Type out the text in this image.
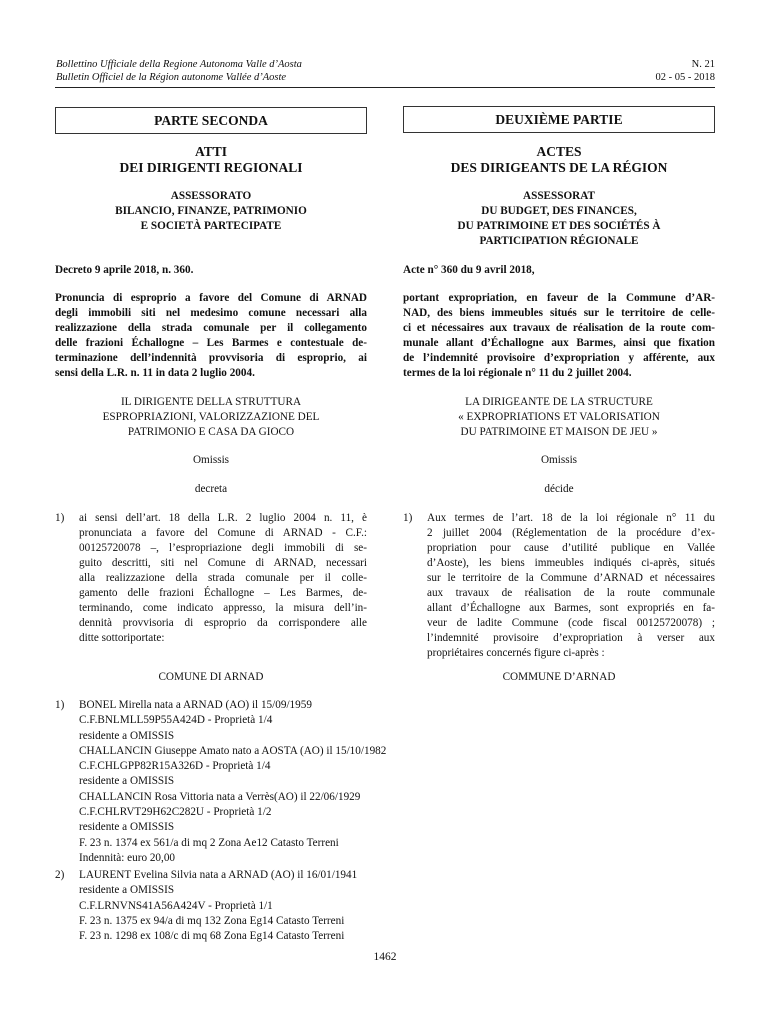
Bollettino Ufficiale della Regione Autonoma Valle d’Aosta
Bulletin Officiel de la Région autonome Vallée d’Aoste
N. 21
02 - 05 - 2018
PARTE SECONDA
ATTI
DEI DIRIGENTI REGIONALI
ASSESSORATO
BILANCIO, FINANZE, PATRIMONIO
E SOCIETÀ PARTECIPATE
Decreto 9 aprile 2018, n. 360.
Pronuncia di esproprio a favore del Comune di ARNAD
degli immobili siti nel medesimo comune necessari alla
realizzazione della strada comunale per il collegamento
delle frazioni Échallogne – Les Barmes e contestuale de-
terminazione dell’indennità provvisoria di esproprio, ai
sensi della L.R. n. 11 in data 2 luglio 2004.
IL DIRIGENTE DELLA STRUTTURA
ESPROPRIAZIONI, VALORIZZAZIONE DEL
PATRIMONIO E CASA DA GIOCO
Omissis
decreta
1) ai sensi dell’art. 18 della L.R. 2 luglio 2004 n. 11, è
pronunciata a favore del Comune di ARNAD - C.F.:
00125720078 –, l’espropriazione degli immobili di se-
guito descritti, siti nel Comune di ARNAD, necessari
alla realizzazione della strada comunale per il colle-
gamento delle frazioni Échallogne – Les Barmes, de-
terminando, come indicato appresso, la misura dell’in-
dennità provvisoria di esproprio da corrispondere alle
ditte sottoriportate:
COMUNE DI ARNAD
DEUXIÈME PARTIE
ACTES
DES DIRIGEANTS DE LA RÉGION
ASSESSORAT
DU BUDGET, DES FINANCES,
DU PATRIMOINE ET DES SOCIÉTÉS À
PARTICIPATION RÉGIONALE
Acte n° 360 du 9 avril 2018,
portant expropriation, en faveur de la Commune d’AR-
NAD, des biens immeubles situés sur le territoire de celle-
ci et nécessaires aux travaux de réalisation de la route com-
munale allant d’Échallogne aux Barmes, ainsi que fixation
de l’indemnité provisoire d’expropriation y afférente, aux
termes de la loi régionale n° 11 du 2 juillet 2004.
LA DIRIGEANTE DE LA STRUCTURE
« EXPROPRIATIONS ET VALORISATION
DU PATRIMOINE ET MAISON DE JEU »
Omissis
décide
1) Aux termes de l’art. 18 de la loi régionale n° 11 du
2 juillet 2004 (Réglementation de la procédure d’ex-
propriation pour cause d’utilité publique en Vallée
d’Aoste), les biens immeubles indiqués ci-après, situés
sur le territoire de la Commune d’ARNAD et nécessaires
aux travaux de réalisation de la route communale
allant d’Échallogne aux Barmes, sont expropriés en fa-
veur de ladite Commune (code fiscal 00125720078) ;
l’indemnité provisoire d’expropriation à verser aux
propriétaires concernés figure ci-après :
COMMUNE D’ARNAD
1) BONEL Mirella nata a ARNAD (AO) il 15/09/1959
C.F.BNLMLL59P55A424D - Proprietà 1/4
residente a OMISSIS
CHALLANCIN Giuseppe Amato nato a AOSTA (AO) il 15/10/1982
C.F.CHLGPP82R15A326D - Proprietà 1/4
residente a OMISSIS
CHALLANCIN Rosa Vittoria nata a Verrès(AO) il 22/06/1929
C.F.CHLRVT29H62C282U - Proprietà 1/2
residente a OMISSIS
F. 23 n. 1374 ex 561/a di mq 2 Zona Ae12 Catasto Terreni
Indennità: euro 20,00
2) LAURENT Evelina Silvia nata a ARNAD (AO) il 16/01/1941
residente a OMISSIS
C.F.LRNVNS41A56A424V - Proprietà 1/1
F. 23 n. 1375 ex 94/a di mq 132 Zona Eg14 Catasto Terreni
F. 23 n. 1298 ex 108/c di mq 68 Zona Eg14 Catasto Terreni
1462
